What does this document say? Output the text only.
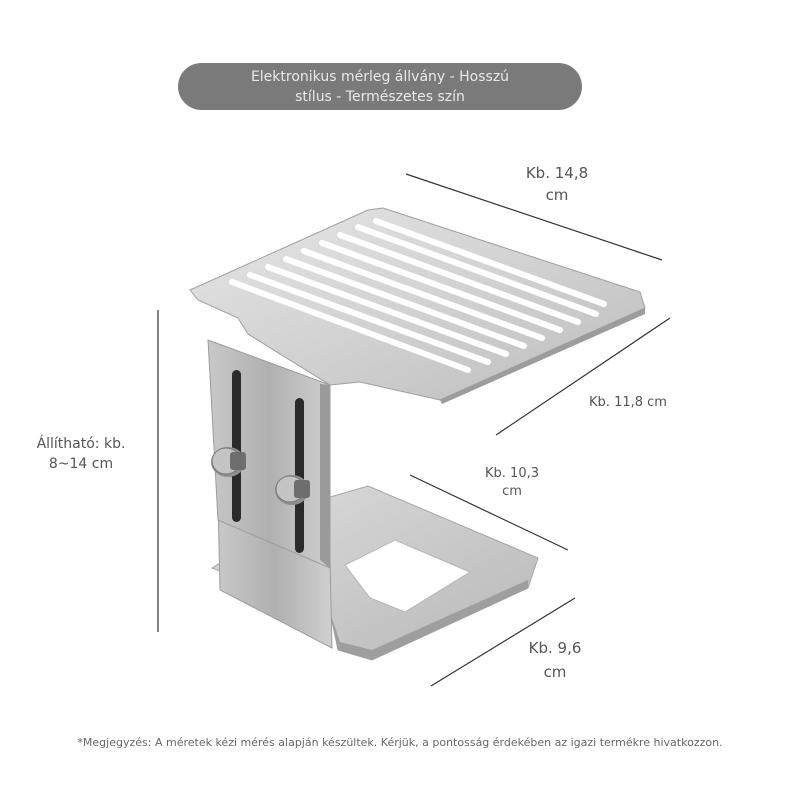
Elektronikus mérleg állvány - Hosszú
stílus - Természetes szín
Kb. 14,8
cm
Kb. 11,8 cm
Kb. 10,3
cm
Kb. 9,6
cm
Állítható: kb.
8~14 cm
*Megjegyzés: A méretek kézi mérés alapján készültek. Kérjük, a pontosság érdekében az igazi termékre hivatkozzon.
